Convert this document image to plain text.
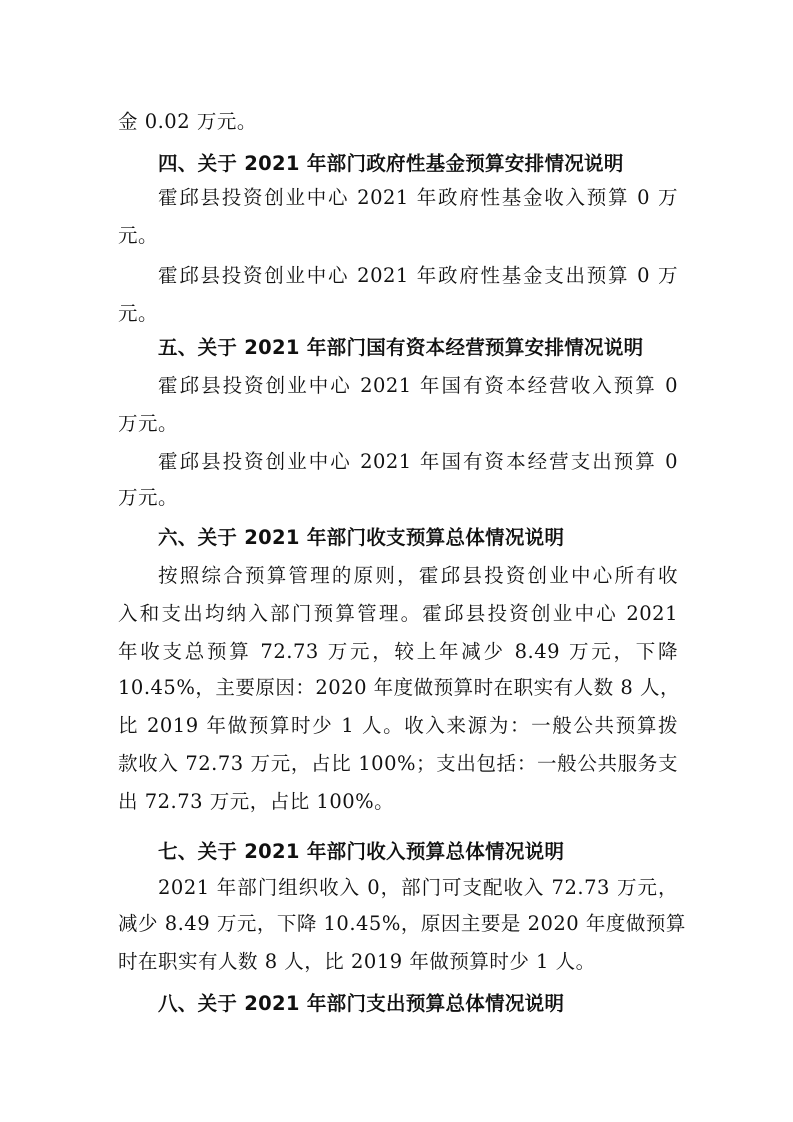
金 0.02 万元。
四、关于 2021 年部门政府性基金预算安排情况说明
霍邱县投资创业中心 2021 年政府性基金收入预算 0 万
元。
霍邱县投资创业中心 2021 年政府性基金支出预算 0 万
元。
五、关于 2021 年部门国有资本经营预算安排情况说明
霍邱县投资创业中心 2021 年国有资本经营收入预算 0
万元。
霍邱县投资创业中心 2021 年国有资本经营支出预算 0
万元。
六、关于 2021 年部门收支预算总体情况说明
按照综合预算管理的原则，霍邱县投资创业中心所有收
入和支出均纳入部门预算管理。霍邱县投资创业中心 2021
年收支总预算 72.73 万元，较上年减少 8.49 万元，下降
10.45%，主要原因：2020 年度做预算时在职实有人数 8 人，
比 2019 年做预算时少 1 人。收入来源为：一般公共预算拨
款收入 72.73 万元，占比 100%；支出包括：一般公共服务支
出 72.73 万元，占比 100%。
七、关于 2021 年部门收入预算总体情况说明
2021 年部门组织收入 0，部门可支配收入 72.73 万元，
减少 8.49 万元，下降 10.45%，原因主要是 2020 年度做预算
时在职实有人数 8 人，比 2019 年做预算时少 1 人。
八、关于 2021 年部门支出预算总体情况说明
